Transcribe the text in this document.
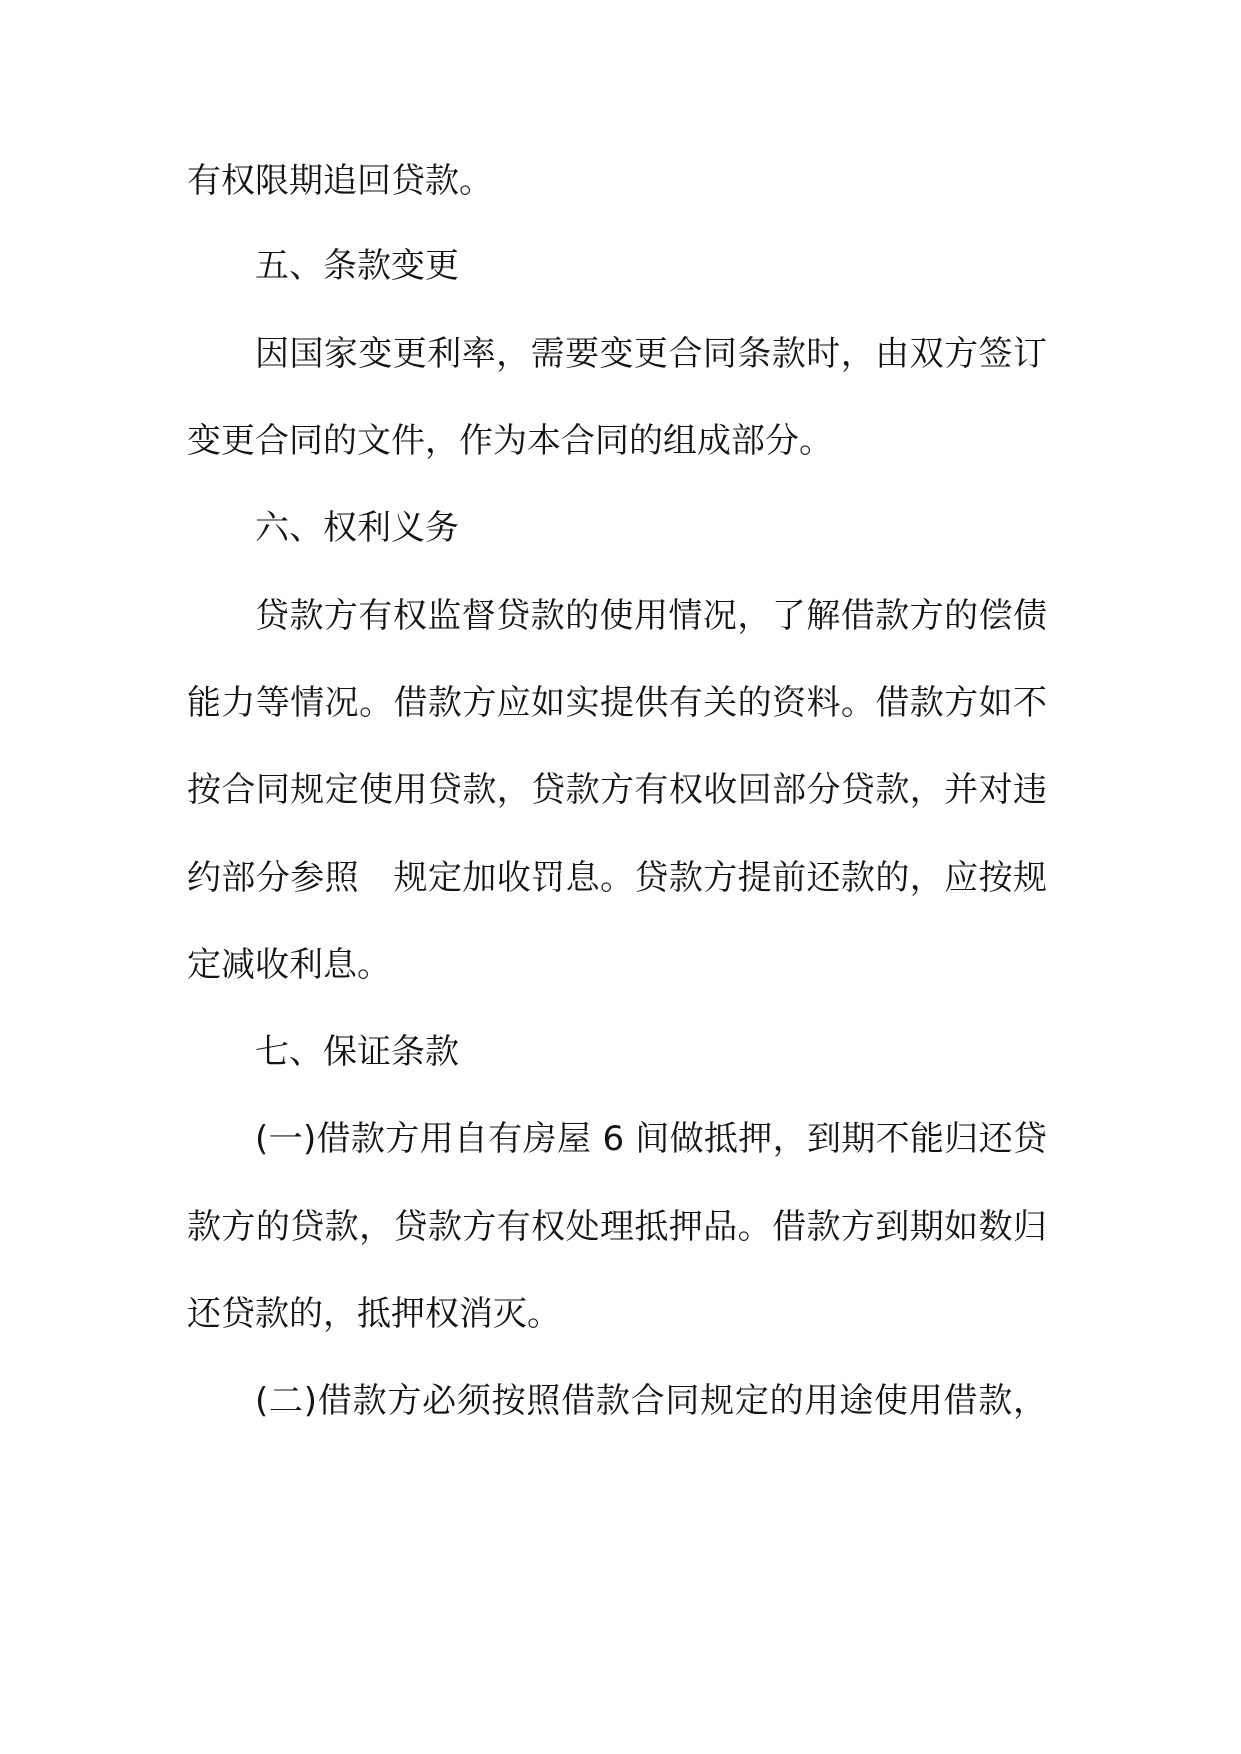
有权限期追回贷款。
五、条款变更
因国家变更利率，需要变更合同条款时，由双方签订
变更合同的文件，作为本合同的组成部分。
六、权利义务
贷款方有权监督贷款的使用情况，了解借款方的偿债
能力等情况。借款方应如实提供有关的资料。借款方如不
按合同规定使用贷款，贷款方有权收回部分贷款，并对违
约部分参照　规定加收罚息。贷款方提前还款的，应按规
定减收利息。
七、保证条款
(一)借款方用自有房屋 6 间做抵押，到期不能归还贷
款方的贷款，贷款方有权处理抵押品。借款方到期如数归
还贷款的，抵押权消灭。
(二)借款方必须按照借款合同规定的用途使用借款，
